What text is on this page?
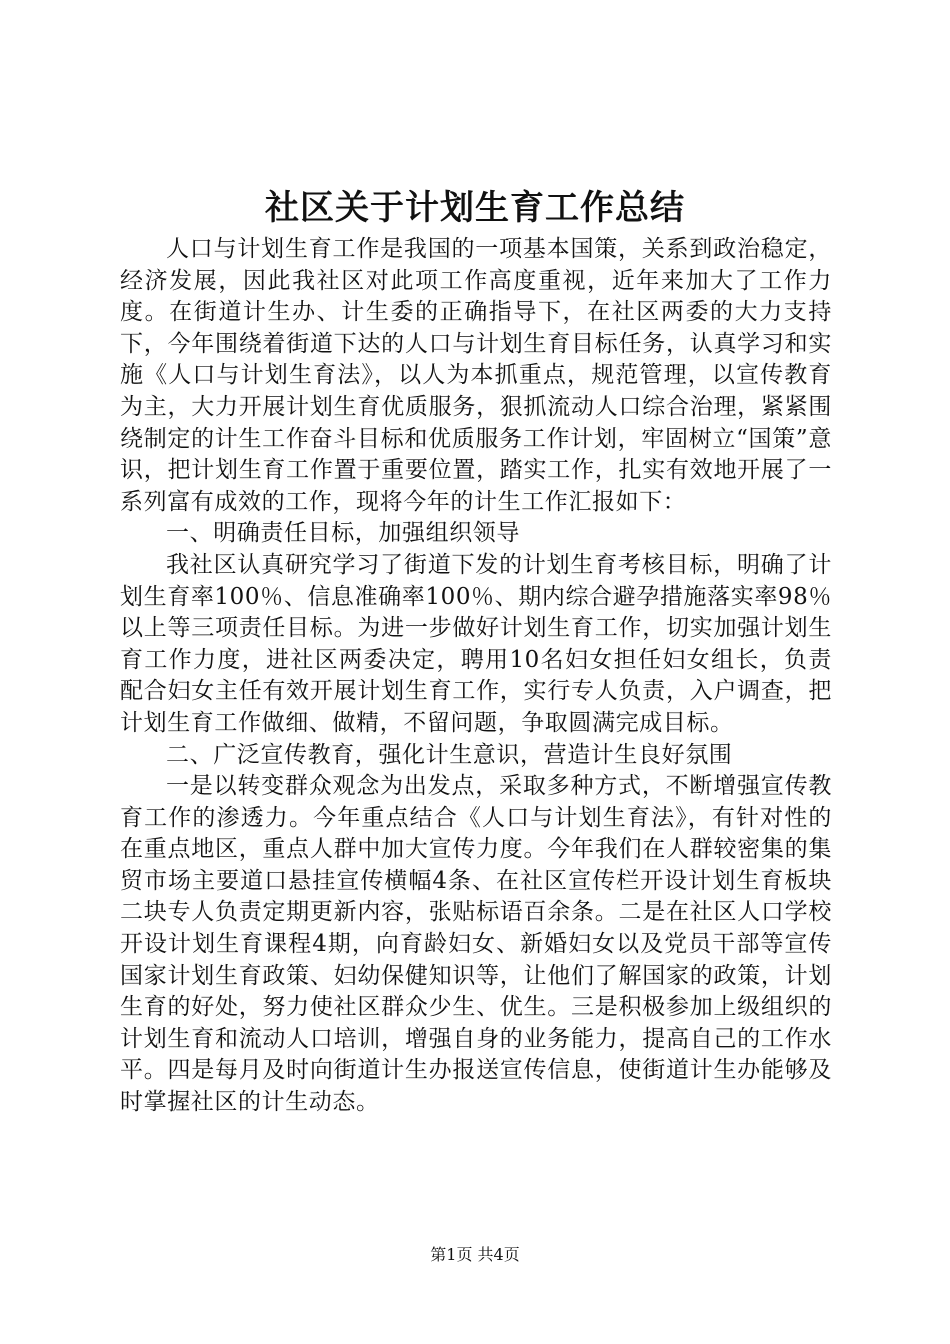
社区关于计划生育工作总结

人口与计划生育工作是我国的一项基本国策，关系到政治稳定，经济发展，因此我社区对此项工作高度重视，近年来加大了工作力度。在街道计生办、计生委的正确指导下，在社区两委的大力支持下，今年围绕着街道下达的人口与计划生育目标任务，认真学习和实施《人口与计划生育法》，以人为本抓重点，规范管理，以宣传教育为主，大力开展计划生育优质服务，狠抓流动人口综合治理，紧紧围绕制定的计生工作奋斗目标和优质服务工作计划，牢固树立“国策”意识，把计划生育工作置于重要位置，踏实工作，扎实有效地开展了一系列富有成效的工作，现将今年的计生工作汇报如下：

一、明确责任目标，加强组织领导

我社区认真研究学习了街道下发的计划生育考核目标，明确了计划生育率100％、信息准确率100％、期内综合避孕措施落实率98％以上等三项责任目标。为进一步做好计划生育工作，切实加强计划生育工作力度，进社区两委决定，聘用10名妇女担任妇女组长，负责配合妇女主任有效开展计划生育工作，实行专人负责，入户调查，把计划生育工作做细、做精，不留问题，争取圆满完成目标。

二、广泛宣传教育，强化计生意识，营造计生良好氛围

一是以转变群众观念为出发点，采取多种方式，不断增强宣传教育工作的渗透力。今年重点结合《人口与计划生育法》，有针对性的在重点地区，重点人群中加大宣传力度。今年我们在人群较密集的集贸市场主要道口悬挂宣传横幅4条、在社区宣传栏开设计划生育板块二块专人负责定期更新内容，张贴标语百余条。二是在社区人口学校开设计划生育课程4期，向育龄妇女、新婚妇女以及党员干部等宣传国家计划生育政策、妇幼保健知识等，让他们了解国家的政策，计划生育的好处，努力使社区群众少生、优生。三是积极参加上级组织的计划生育和流动人口培训，增强自身的业务能力，提高自己的工作水平。四是每月及时向街道计生办报送宣传信息，使街道计生办能够及时掌握社区的计生动态。

第1页 共4页
